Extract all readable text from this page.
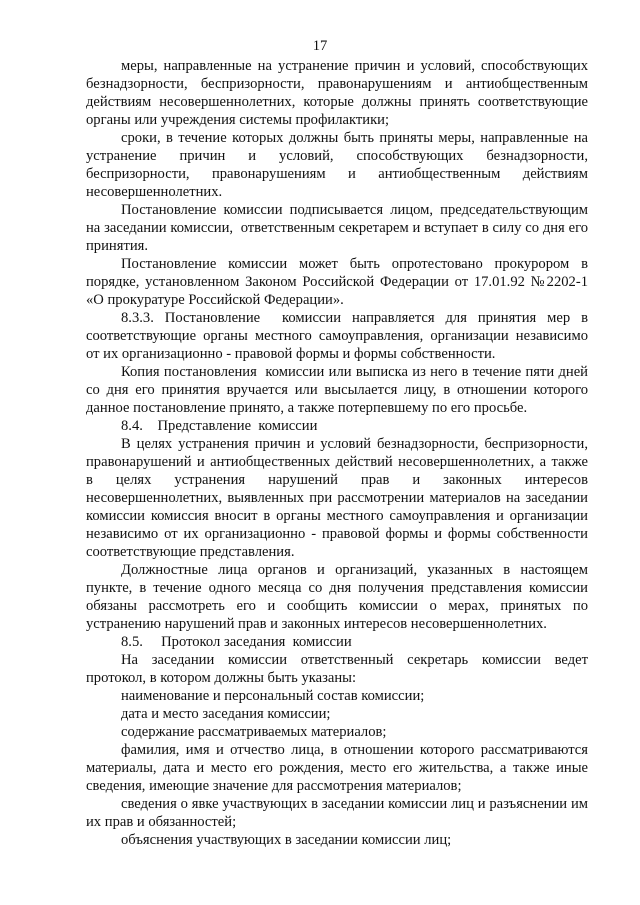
17

меры, направленные на устранение причин и условий, способствующих безнадзорности, беспризорности, правонарушениям и антиобщественным действиям несовершеннолетних, которые должны принять соответствующие органы или учреждения системы профилактики;

сроки, в течение которых должны быть приняты меры, направленные на устранение причин и условий, способствующих безнадзорности, беспризорности, правонарушениям и антиобщественным действиям несовершеннолетних.

Постановление комиссии подписывается лицом, председательствующим на заседании комиссии,  ответственным секретарем и вступает в силу со дня его принятия.

Постановление комиссии может быть опротестовано прокурором в порядке, установленном Законом Российской Федерации от 17.01.92 №2202-1 «О прокуратуре Российской Федерации».

8.3.3. Постановление  комиссии направляется для принятия мер в соответствующие органы местного самоуправления, организации независимо от их организационно - правовой формы и формы собственности.

Копия постановления  комиссии или выписка из него в течение пяти дней со дня его принятия вручается или высылается лицу, в отношении которого данное постановление принято, а также потерпевшему по его просьбе.

8.4.    Представление  комиссии

В целях устранения причин и условий безнадзорности, беспризорности, правонарушений и антиобщественных действий несовершеннолетних, а также в целях устранения нарушений прав и законных интересов несовершеннолетних, выявленных при рассмотрении материалов на заседании комиссии комиссия вносит в органы местного самоуправления и организации независимо от их организационно - правовой формы и формы собственности соответствующие представления.

Должностные лица органов и организаций, указанных в настоящем пункте, в течение одного месяца со дня получения представления комиссии обязаны рассмотреть его и сообщить комиссии о мерах, принятых по устранению нарушений прав и законных интересов несовершеннолетних.

8.5.     Протокол заседания  комиссии

На заседании комиссии ответственный секретарь комиссии ведет протокол, в котором должны быть указаны:

наименование и персональный состав комиссии;

дата и место заседания комиссии;

содержание рассматриваемых материалов;

фамилия, имя и отчество лица, в отношении которого рассматриваются материалы, дата и место его рождения, место его жительства, а также иные сведения, имеющие значение для рассмотрения материалов;

сведения о явке участвующих в заседании комиссии лиц и разъяснении им их прав и обязанностей;

объяснения участвующих в заседании комиссии лиц;
